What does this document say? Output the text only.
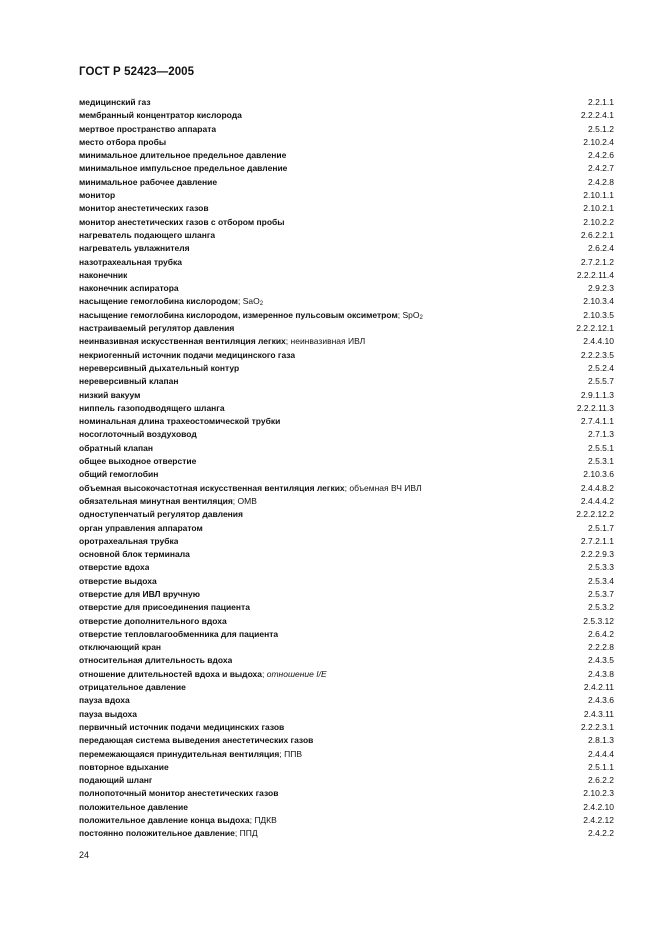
ГОСТ Р 52423—2005
медицинский газ	2.2.1.1
мембранный концентратор кислорода	2.2.2.4.1
мертвое пространство аппарата	2.5.1.2
место отбора пробы	2.10.2.4
минимальное длительное предельное давление	2.4.2.6
минимальное импульсное предельное давление	2.4.2.7
минимальное рабочее давление	2.4.2.8
монитор	2.10.1.1
монитор анестетических газов	2.10.2.1
монитор анестетических газов с отбором пробы	2.10.2.2
нагреватель подающего шланга	2.6.2.2.1
нагреватель увлажнителя	2.6.2.4
назотрахеальная трубка	2.7.2.1.2
наконечник	2.2.2.11.4
наконечник аспиратора	2.9.2.3
насыщение гемоглобина кислородом; SaO2	2.10.3.4
насыщение гемоглобина кислородом, измеренное пульсовым оксиметром; SpO2	2.10.3.5
настраиваемый регулятор давления	2.2.2.12.1
неинвазивная искусственная вентиляция легких; неинвазивная ИВЛ	2.4.4.10
некриогенный источник подачи медицинского газа	2.2.2.3.5
нереверсивный дыхательный контур	2.5.2.4
нереверсивный клапан	2.5.5.7
низкий вакуум	2.9.1.1.3
ниппель газоподводящего шланга	2.2.2.11.3
номинальная длина трахеостомической трубки	2.7.4.1.1
носоглоточный воздуховод	2.7.1.3
обратный клапан	2.5.5.1
общее выходное отверстие	2.5.3.1
общий гемоглобин	2.10.3.6
объемная высокочастотная искусственная вентиляция легких; объемная ВЧ ИВЛ	2.4.4.8.2
обязательная минутная вентиляция; ОМВ	2.4.4.4.2
одноступенчатый регулятор давления	2.2.2.12.2
орган управления аппаратом	2.5.1.7
оротрахеальная трубка	2.7.2.1.1
основной блок терминала	2.2.2.9.3
отверстие вдоха	2.5.3.3
отверстие выдоха	2.5.3.4
отверстие для ИВЛ вручную	2.5.3.7
отверстие для присоединения пациента	2.5.3.2
отверстие дополнительного вдоха	2.5.3.12
отверстие тепловлагообменника для пациента	2.6.4.2
отключающий кран	2.2.2.8
относительная длительность вдоха	2.4.3.5
отношение длительностей вдоха и выдоха; отношение I/E	2.4.3.8
отрицательное давление	2.4.2.11
пауза вдоха	2.4.3.6
пауза выдоха	2.4.3.11
первичный источник подачи медицинских газов	2.2.2.3.1
передающая система выведения анестетических газов	2.8.1.3
перемежающаяся принудительная вентиляция; ППВ	2.4.4.4
повторное вдыхание	2.5.1.1
подающий шланг	2.6.2.2
полнопоточный монитор анестетических газов	2.10.2.3
положительное давление	2.4.2.10
положительное давление конца выдоха; ПДКВ	2.4.2.12
постоянно положительное давление; ППД	2.4.2.2
24
